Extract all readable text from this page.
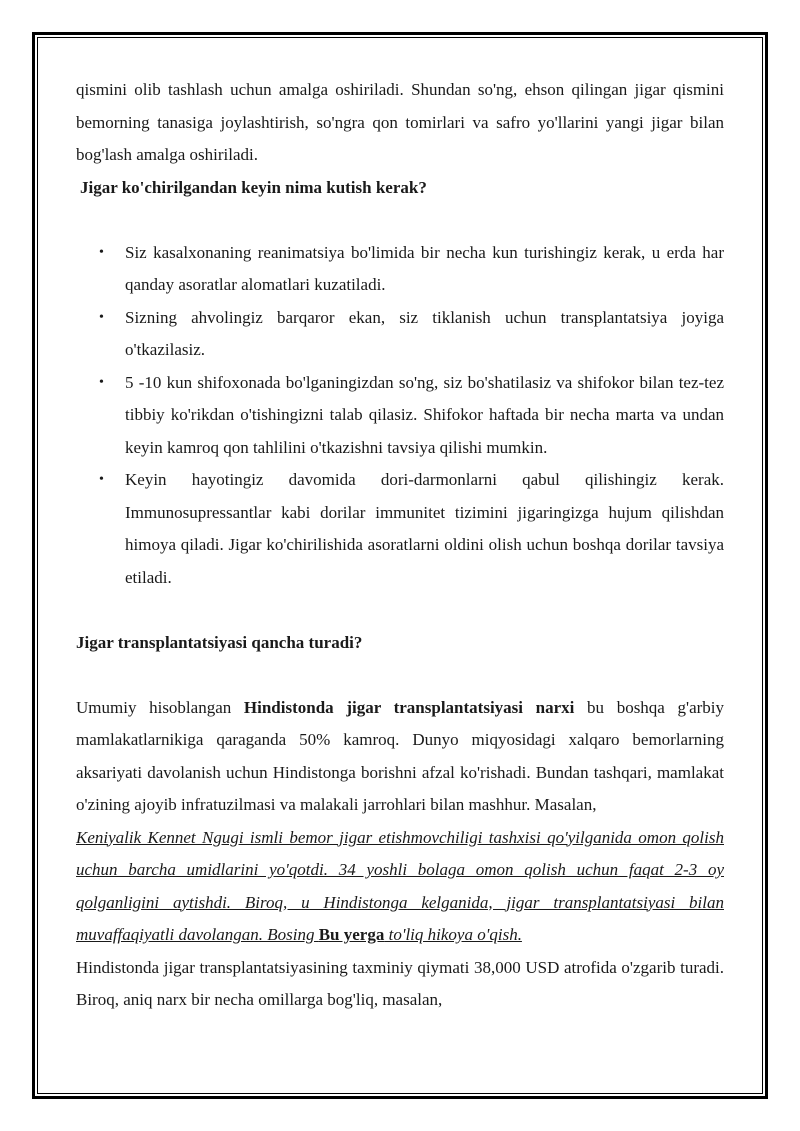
qismini olib tashlash uchun amalga oshiriladi. Shundan so'ng, ehson qilingan jigar qismini bemorning tanasiga joylashtirish, so'ngra qon tomirlari va safro yo'llarini yangi jigar bilan bog'lash amalga oshiriladi.

Jigar ko'chirilgandan keyin nima kutish kerak?
• Siz kasalxonaning reanimatsiya bo'limida bir necha kun turishingiz kerak, u erda har qanday asoratlar alomatlari kuzatiladi.
• Sizning ahvolingiz barqaror ekan, siz tiklanish uchun transplantatsiya joyiga o'tkazilasiz.
• 5 -10 kun shifoxonada bo'lganingizdan so'ng, siz bo'shatilasiz va shifokor bilan tez-tez tibbiy ko'rikdan o'tishingizni talab qilasiz. Shifokor haftada bir necha marta va undan keyin kamroq qon tahlilini o'tkazishni tavsiya qilishi mumkin.
• Keyin hayotingiz davomida dori-darmonlarni qabul qilishingiz kerak. Immunosupressantlar kabi dorilar immunitet tizimini jigaringizga hujum qilishdan himoya qiladi. Jigar ko'chirilishida asoratlarni oldini olish uchun boshqa dorilar tavsiya etiladi.
Jigar transplantatsiyasi qancha turadi?

Umumiy hisoblangan Hindistonda jigar transplantatsiyasi narxi bu boshqa g'arbiy mamlakatlarnikiga qaraganda 50% kamroq. Dunyo miqyosidagi xalqaro bemorlarning aksariyati davolanish uchun Hindistonga borishni afzal ko'rishadi. Bundan tashqari, mamlakat o'zining ajoyib infratuzilmasi va malakali jarrohlari bilan mashhur. Masalan,

Keniyalik Kennet Ngugi ismli bemor jigar etishmovchiligi tashxisi qo'yilganida omon qolish uchun barcha umidlarini yo'qotdi. 34 yoshli bolaga omon qolish uchun faqat 2-3 oy qolganligini aytishdi. Biroq, u Hindistonga kelganida, jigar transplantatsiyasi bilan muvaffaqiyatli davolangan. Bosing Bu yerga to'liq hikoya o'qish.

Hindistonda jigar transplantatsiyasining taxminiy qiymati 38,000 USD atrofida o'zgarib turadi. Biroq, aniq narx bir necha omillarga bog'liq, masalan,
